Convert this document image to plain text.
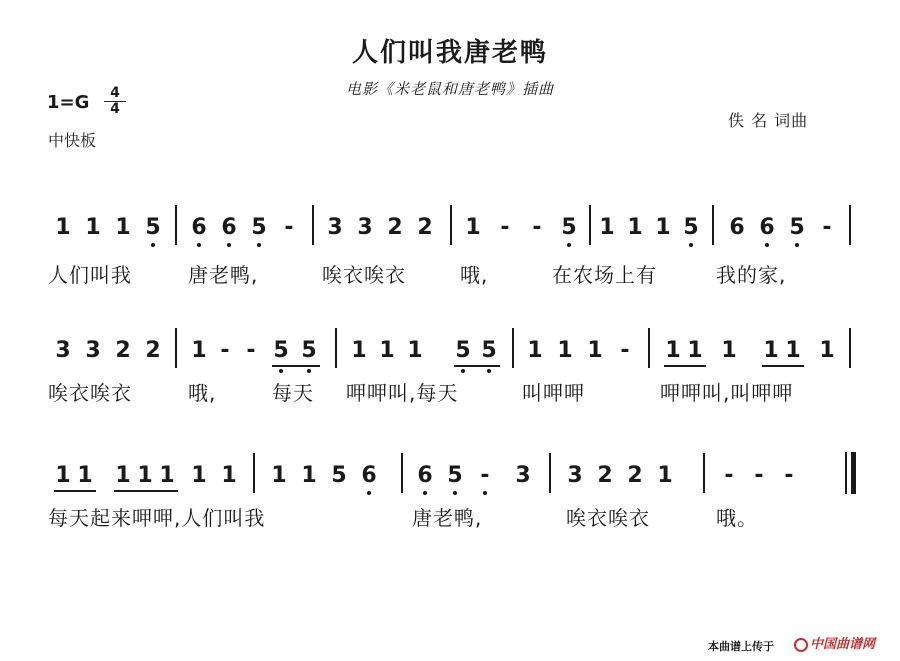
人们叫我唐老鸭
电影《米老鼠和唐老鸭》插曲
$1=G \frac{4}{4}$
中快板
佚 名 词曲
1 1 1 5 6 6 5 - 3 3 2 2 1 - - 5 1 1 1 5 6 6 5 -
人们叫我	唐老鸭,	唉衣唉衣	哦,	在农场上有	我的家,
3 3 2 2 1 - - 5 5 1 1 1 5 5 1 1 1 - 1 1 1 1 1 1
唉衣唉衣	哦,	每天 呷呷叫,每天	叫呷呷	呷呷叫,叫呷呷
1 1 1 1 1 1 1 1 1 5 6 6 5 - 3 3 2 2 1 - - -
每天起来呷呷,人们叫我	唐老鸭,	唉衣唉衣	哦。
本曲谱上传于	中国曲谱网
